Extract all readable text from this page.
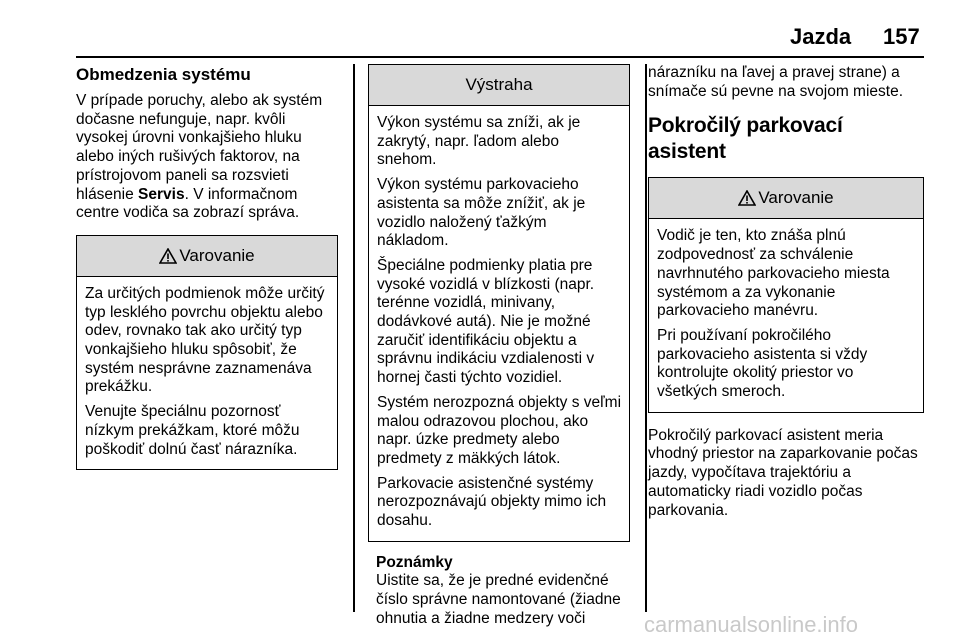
Jazda 157
Obmedzenia systému

V prípade poruchy, alebo ak systém dočasne nefunguje, napr. kvôli vysokej úrovni vonkajšieho hluku alebo iných rušivých faktorov, na prístrojovom paneli sa rozsvieti hlásenie Servis. V informačnom centre vodiča sa zobrazí správa.

Varovanie

Za určitých podmienok môže určitý typ lesklého povrchu objektu alebo odev, rovnako tak ako určitý typ vonkajšieho hluku spôsobiť, že systém nesprávne zaznamenáva prekážku.

Venujte špeciálnu pozornosť nízkym prekážkam, ktoré môžu poškodiť dolnú časť nárazníka.

Výstraha

Výkon systému sa zníži, ak je zakrytý, napr. ľadom alebo snehom.

Výkon systému parkovacieho asistenta sa môže znížiť, ak je vozidlo naložený ťažkým nákladom.

Špeciálne podmienky platia pre vysoké vozidlá v blízkosti (napr. terénne vozidlá, minivany, dodávkové autá). Nie je možné zaručiť identifikáciu objektu a správnu indikáciu vzdialenosti v hornej časti týchto vozidiel.

Systém nerozpozná objekty s veľmi malou odrazovou plochou, ako napr. úzke predmety alebo predmety z mäkkých látok.

Parkovacie asistenčné systémy nerozpoznávajú objekty mimo ich dosahu.

Poznámky

Uistite sa, že je predné evidenčné číslo správne namontované (žiadne ohnutia a žiadne medzery voči

nárazníku na ľavej a pravej strane) a snímače sú pevne na svojom mieste.

Pokročilý parkovací asistent
Varovanie

Vodič je ten, kto znáša plnú zodpovednosť za schválenie navrhnutého parkovacieho miesta systémom a za vykonanie parkovacieho manévru.

Pri používaní pokročilého parkovacieho asistenta si vždy kontrolujte okolitý priestor vo všetkých smeroch.

Pokročilý parkovací asistent meria vhodný priestor na zaparkovanie počas jazdy, vypočítava trajektóriu a automaticky riadi vozidlo počas parkovania.

carmanualsonline.info
